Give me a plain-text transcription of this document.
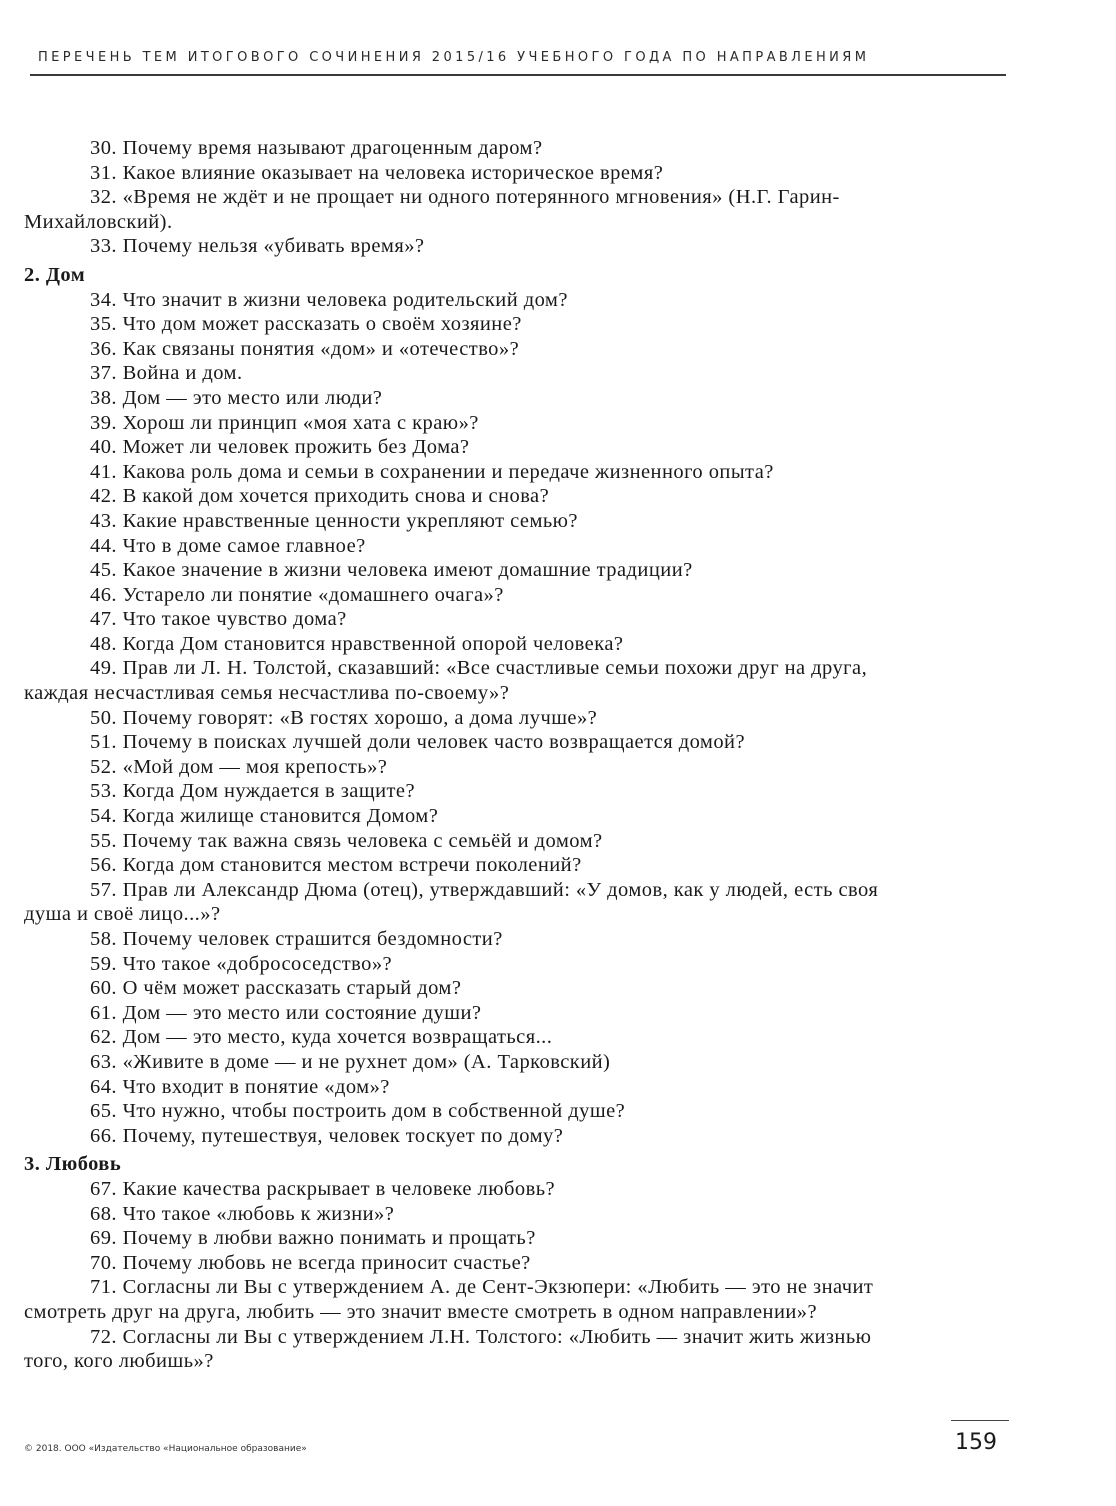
ПЕРЕЧЕНЬ ТЕМ ИТОГОВОГО СОЧИНЕНИЯ 2015/16 УЧЕБНОГО ГОДА ПО НАПРАВЛЕНИЯМ

30. Почему время называют драгоценным даром?

31. Какое влияние оказывает на человека историческое время?

32. «Время не ждёт и не прощает ни одного потерянного мгновения» (Н.Г. Гарин-Михайловский).

33. Почему нельзя «убивать время»?

2. Дом

34. Что значит в жизни человека родительский дом?

35. Что дом может рассказать о своём хозяине?

36. Как связаны понятия «дом» и «отечество»?

37. Война и дом.

38. Дом — это место или люди?

39. Хорош ли принцип «моя хата с краю»?

40. Может ли человек прожить без Дома?

41. Какова роль дома и семьи в сохранении и передаче жизненного опыта?

42. В какой дом хочется приходить снова и снова?

43. Какие нравственные ценности укрепляют семью?

44. Что в доме самое главное?

45. Какое значение в жизни человека имеют домашние традиции?

46. Устарело ли понятие «домашнего очага»?

47. Что такое чувство дома?

48. Когда Дом становится нравственной опорой человека?

49. Прав ли Л. Н. Толстой, сказавший: «Все счастливые семьи похожи друг на друга, каждая несчастливая семья несчастлива по-своему»?

50. Почему говорят: «В гостях хорошо, а дома лучше»?

51. Почему в поисках лучшей доли человек часто возвращается домой?

52. «Мой дом — моя крепость»?

53. Когда Дом нуждается в защите?

54. Когда жилище становится Домом?

55. Почему так важна связь человека с семьёй и домом?

56. Когда дом становится местом встречи поколений?

57. Прав ли Александр Дюма (отец), утверждавший: «У домов, как у людей, есть своя душа и своё лицо...»?

58. Почему человек страшится бездомности?

59. Что такое «добрососедство»?

60. О чём может рассказать старый дом?

61. Дом — это место или состояние души?

62. Дом — это место, куда хочется возвращаться...

63. «Живите в доме — и не рухнет дом» (А. Тарковский)

64. Что входит в понятие «дом»?

65. Что нужно, чтобы построить дом в собственной душе?

66. Почему, путешествуя, человек тоскует по дому?

3. Любовь

67. Какие качества раскрывает в человеке любовь?

68. Что такое «любовь к жизни»?

69. Почему в любви важно понимать и прощать?

70. Почему любовь не всегда приносит счастье?

71. Согласны ли Вы с утверждением А. де Сент-Экзюпери: «Любить — это не значит смотреть друг на друга, любить — это значит вместе смотреть в одном направлении»?

72. Согласны ли Вы с утверждением Л.Н. Толстого: «Любить — значит жить жизнью того, кого любишь»?

© 2018. ООО «Издательство «Национальное образование»	159
